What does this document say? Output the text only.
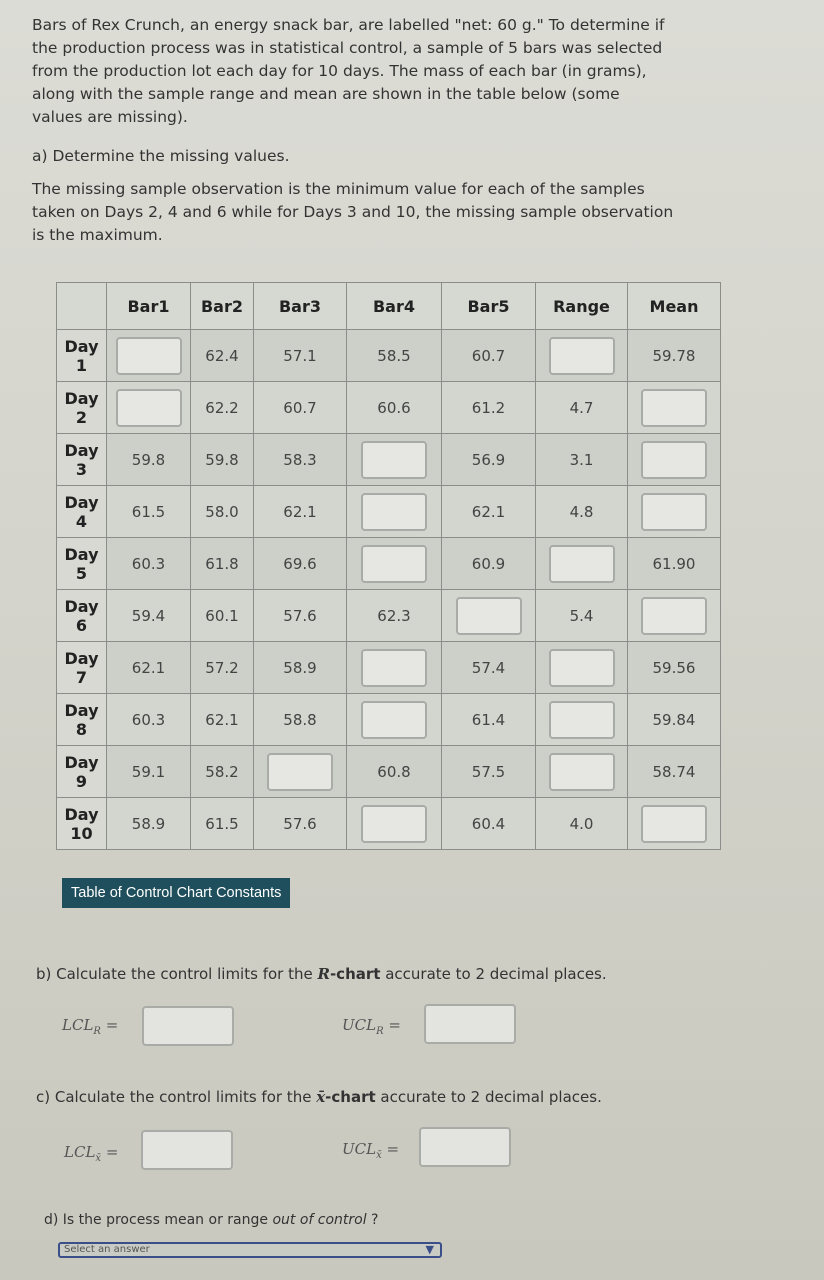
Bars of Rex Crunch, an energy snack bar, are labelled "net: 60 g." To determine if the production process was in statistical control, a sample of 5 bars was selected from the production lot each day for 10 days. The mass of each bar (in grams), along with the sample range and mean are shown in the table below (some values are missing).
a) Determine the missing values.
The missing sample observation is the minimum value for each of the samples taken on Days 2, 4 and 6 while for Days 3 and 10, the missing sample observation is the maximum.
	Bar1	Bar2	Bar3	Bar4	Bar5	Range	Mean

Day
1		62.4	57.1	58.5	60.7		59.78

Day
2		62.2	60.7	60.6	61.2	4.7	

Day
3	59.8	59.8	58.3		56.9	3.1	

Day
4	61.5	58.0	62.1		62.1	4.8	

Day
5	60.3	61.8	69.6		60.9		61.90

Day
6	59.4	60.1	57.6	62.3		5.4	

Day
7	62.1	57.2	58.9		57.4		59.56

Day
8	60.3	62.1	58.8		61.4		59.84

Day
9	59.1	58.2		60.8	57.5		58.74

Day
10	58.9	61.5	57.6		60.4	4.0	
Table of Control Chart Constants
b) Calculate the control limits for the R-chart accurate to 2 decimal places.
$LCL_R$ =	$UCL_R$ =
c) Calculate the control limits for the x̄-chart accurate to 2 decimal places.
$LCL_{x̄}$ =	$UCL_{x̄}$ =
d) Is the process mean or range out of control ?
Select an answer	▼
